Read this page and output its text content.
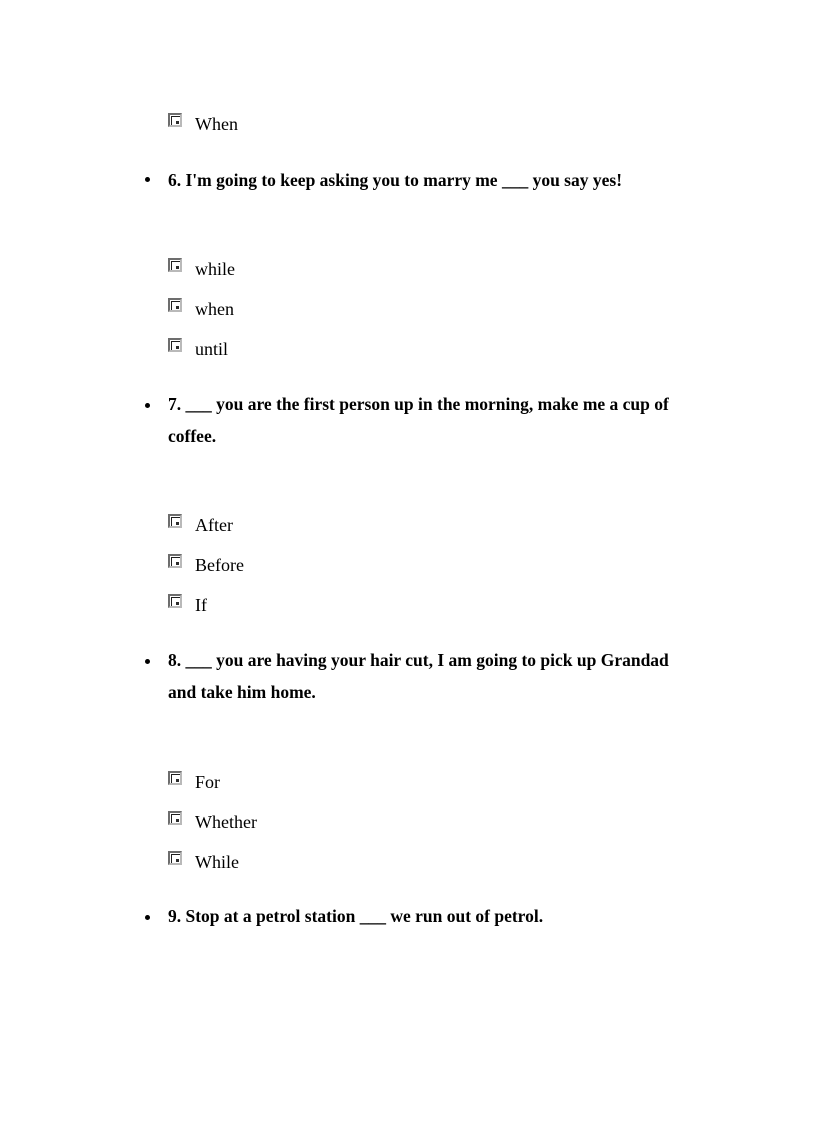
When
6. I'm going to keep asking you to marry me ___ you say yes!
while
when
until
7. ___ you are the first person up in the morning, make me a cup of coffee.
After
Before
If
8. ___ you are having your hair cut, I am going to pick up Grandad and take him home.
For
Whether
While
9. Stop at a petrol station ___ we run out of petrol.
